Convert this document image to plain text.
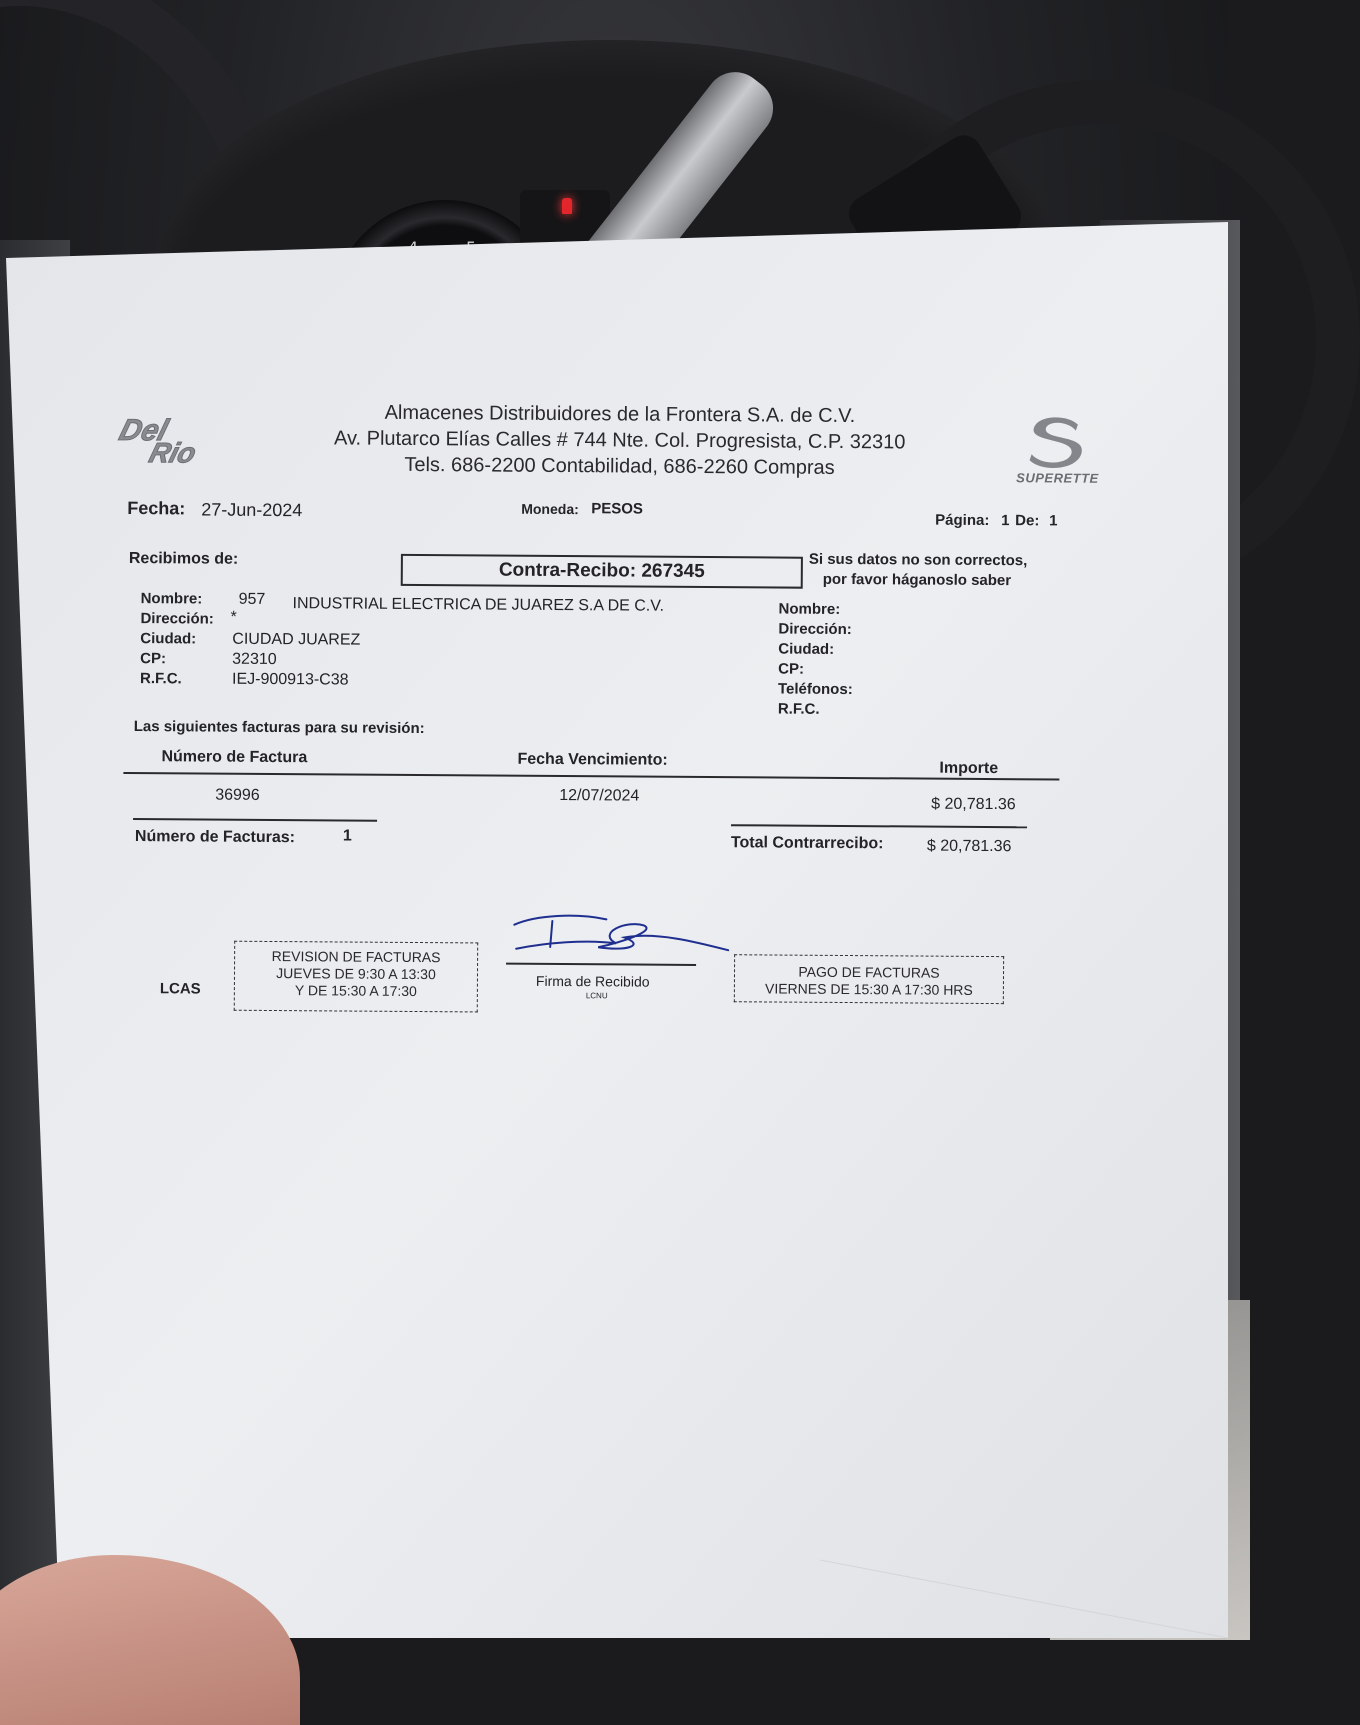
Del
Rio
SUPERETTE
Almacenes Distribuidores de la Frontera S.A. de C.V.
Av. Plutarco Elías Calles # 744 Nte. Col. Progresista, C.P. 32310
Tels. 686-2200 Contabilidad, 686-2260 Compras
Fecha: 27-Jun-2024	Moneda: PESOS
Página: 1 De: 1
Recibimos de:
Contra-Recibo: 267345	Si sus datos no son correctos,
por favor háganoslo saber
Nombre: 957 INDUSTRIAL ELECTRICA DE JUAREZ S.A DE C.V.
Dirección: *
Ciudad: CIUDAD JUAREZ
CP:	32310
R.F.C.	IEJ-900913-C38
Nombre:
Dirección:
Ciudad:
CP:
Teléfonos:
R.F.C.
Las siguientes facturas para su revisión:
Número de Factura	Fecha Vencimiento:	Importe
36996	12/07/2024	$ 20,781.36
Número de Facturas:	1	Total Contrarrecibo:	$ 20,781.36
LCAS
REVISION DE FACTURAS
JUEVES DE 9:30 A 13:30
Y DE 15:30 A 17:30
Firma de Recibido
LCNU
PAGO DE FACTURAS
VIERNES DE 15:30 A 17:30 HRS
